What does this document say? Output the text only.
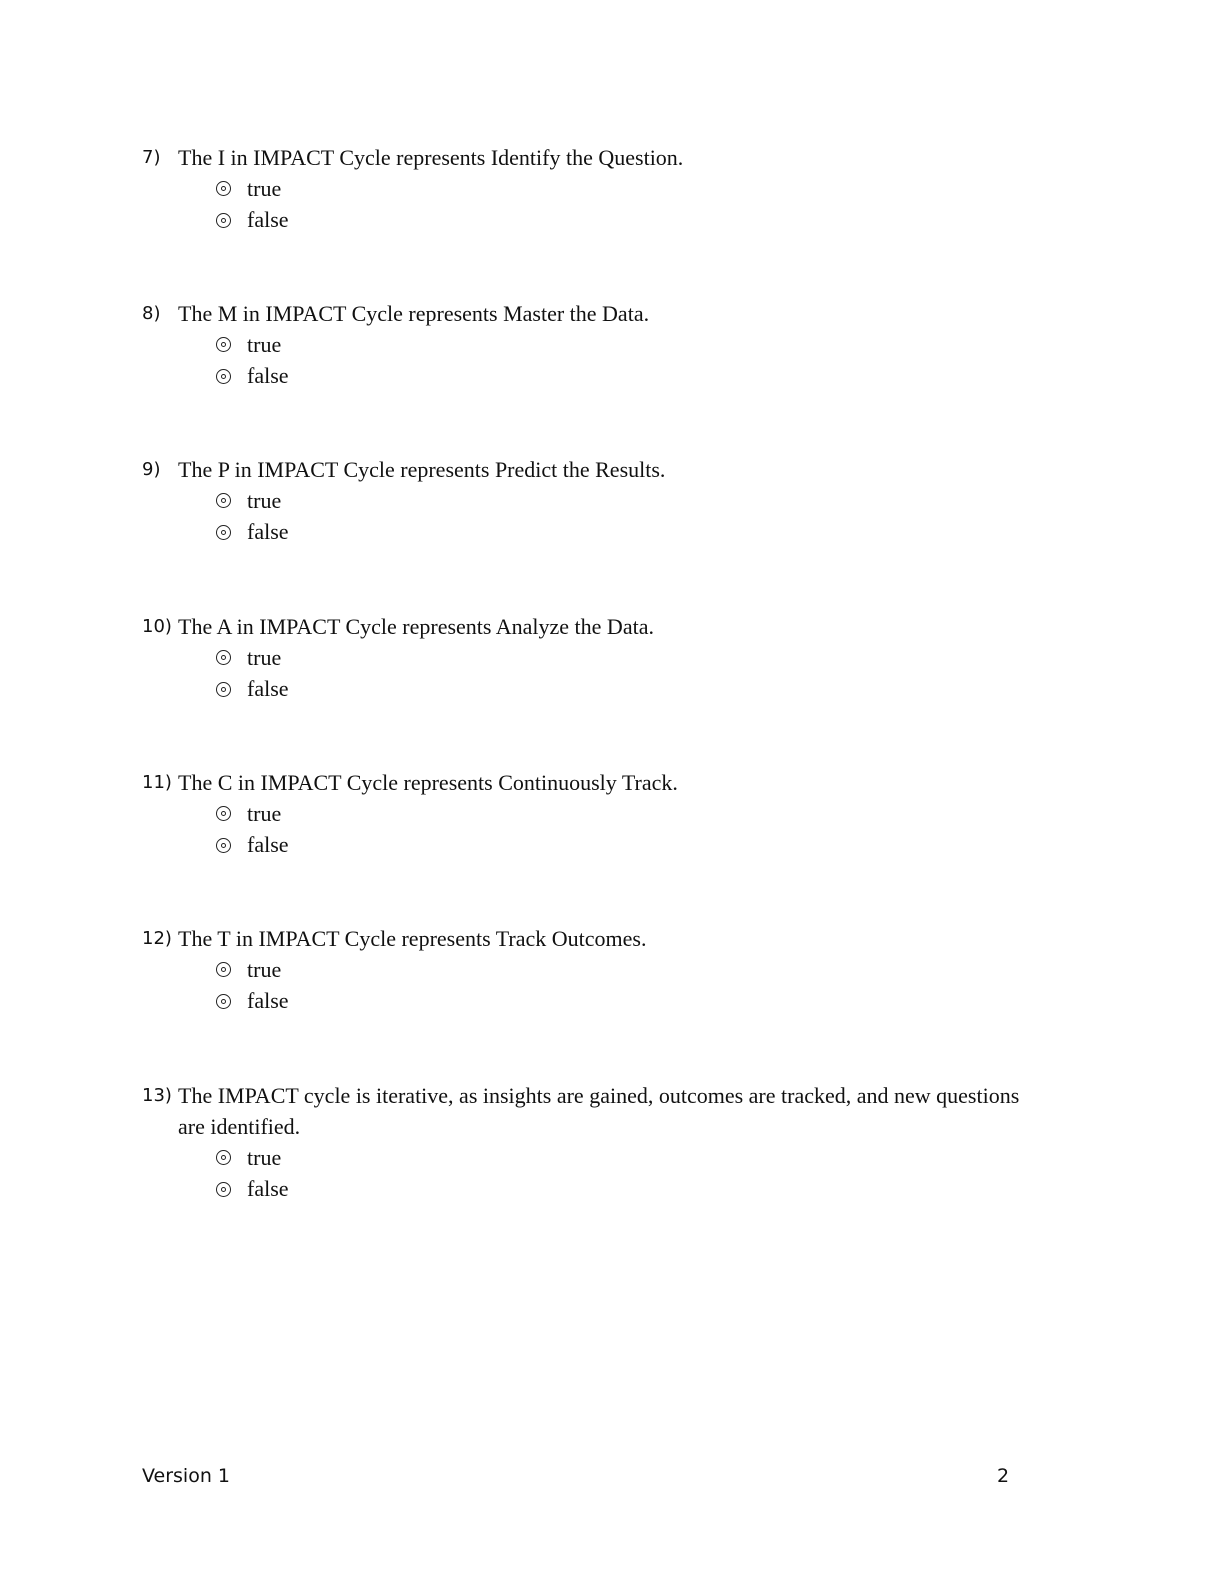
7) The I in IMPACT Cycle represents Identify the Question.
true
false
8) The M in IMPACT Cycle represents Master the Data.
true
false
9) The P in IMPACT Cycle represents Predict the Results.
true
false
10) The A in IMPACT Cycle represents Analyze the Data.
true
false
11) The C in IMPACT Cycle represents Continuously Track.
true
false
12) The T in IMPACT Cycle represents Track Outcomes.
true
false
13) The IMPACT cycle is iterative, as insights are gained, outcomes are tracked, and new questions are identified.
true
false
Version 1	2
